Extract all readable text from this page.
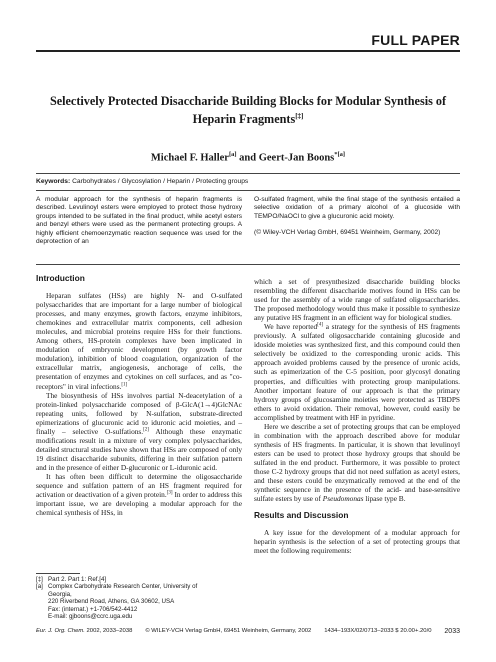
FULL PAPER
Selectively Protected Disaccharide Building Blocks for Modular Synthesis of
Heparin Fragments[‡]
Michael F. Haller[a] and Geert-Jan Boons$^{*[a]}$
Keywords: Carbohydrates / Glycosylation / Heparin / Protecting groups
A modular approach for the synthesis of heparin fragments is described. Levulinoyl esters were employed to protect those hydroxy groups intended to be sulfated in the final product, while acetyl esters and benzyl ethers were used as the permanent protecting groups. A highly efficient chemoenzymatic reaction sequence was used for the deprotection of an
O-sulfated fragment, while the final stage of the synthesis entailed a selective oxidation of a primary alcohol of a glucoside with TEMPO/NaOCl to give a glucuronic acid moiety.
(© Wiley-VCH Verlag GmbH, 69451 Weinheim, Germany, 2002)
Introduction

Heparan sulfates (HSs) are highly N- and O-sulfated polysaccharides that are important for a large number of biological processes, and many enzymes, growth factors, enzyme inhibitors, chemokines and extracellular matrix components, cell adhesion molecules, and microbial proteins require HSs for their functions. Among others, HS-protein complexes have been implicated in modulation of embryonic development (by growth factor modulation), inhibition of blood coagulation, organization of the extracellular matrix, angiogenesis, anchorage of cells, the presentation of enzymes and cytokines on cell surfaces, and as "co-receptors" in viral infections.[1]

The biosynthesis of HSs involves partial N-deacetylation of a protein-linked polysaccharide composed of β-GlcA(1→4)GlcNAc repeating units, followed by N-sulfation, substrate-directed epimerizations of glucuronic acid to iduronic acid moieties, and – finally – selective O-sulfations.[2] Although these enzymatic modifications result in a mixture of very complex polysaccharides, detailed structural studies have shown that HSs are composed of only 19 distinct disaccharide subunits, differing in their sulfation pattern and in the presence of either D-glucuronic or L-iduronic acid.

It has often been difficult to determine the oligosaccharide sequence and sulfation pattern of an HS fragment required for activation or deactivation of a given protein.[3] In order to address this important issue, we are developing a modular approach for the chemical synthesis of HSs, in

which a set of presynthesized disaccharide building blocks resembling the different disaccharide motives found in HSs can be used for the assembly of a wide range of sulfated oligosaccharides. The proposed methodology would thus make it possible to synthesize any putative HS fragment in an efficient way for biological studies.

We have reported[4] a strategy for the synthesis of HS fragments previously. A sulfated oligosaccharide containing glucoside and idoside moieties was synthesized first, and this compound could then selectively be oxidized to the corresponding uronic acids. This approach avoided problems caused by the presence of uronic acids, such as epimerization of the C-5 position, poor glycosyl donating properties, and difficulties with protecting group manipulations. Another important feature of our approach is that the primary hydroxy groups of glucosamine moieties were protected as TBDPS ethers to avoid oxidation. Their removal, however, could easily be accomplished by treatment with HF in pyridine.

Here we describe a set of protecting groups that can be employed in combination with the approach described above for modular synthesis of HS fragments. In particular, it is shown that levulinoyl esters can be used to protect those hydroxy groups that should be sulfated in the end product. Furthermore, it was possible to protect those C-2 hydroxy groups that did not need sulfation as acetyl esters, and these esters could be enzymatically removed at the end of the synthetic sequence in the presence of the acid- and base-sensitive sulfate esters by use of Pseudomonas lipase type B.

Results and Discussion

A key issue for the development of a modular approach for heparin synthesis is the selection of a set of protecting groups that meet the following requirements:

[‡] Part 2. Part 1: Ref.[4]
[a] Complex Carbohydrate Research Center, University of
Georgia,
220 Riverbend Road, Athens, GA 30602, USA
Fax: (internat.) +1-706/542-4412
E-mail: gjboons@ccrc.uga.edu
Eur. J. Org. Chem. 2002, 2033–2038 © WILEY-VCH Verlag GmbH, 69451 Weinheim, Germany, 2002 1434–193X/02/0713–2033 $ 20.00+.20/0 2033
